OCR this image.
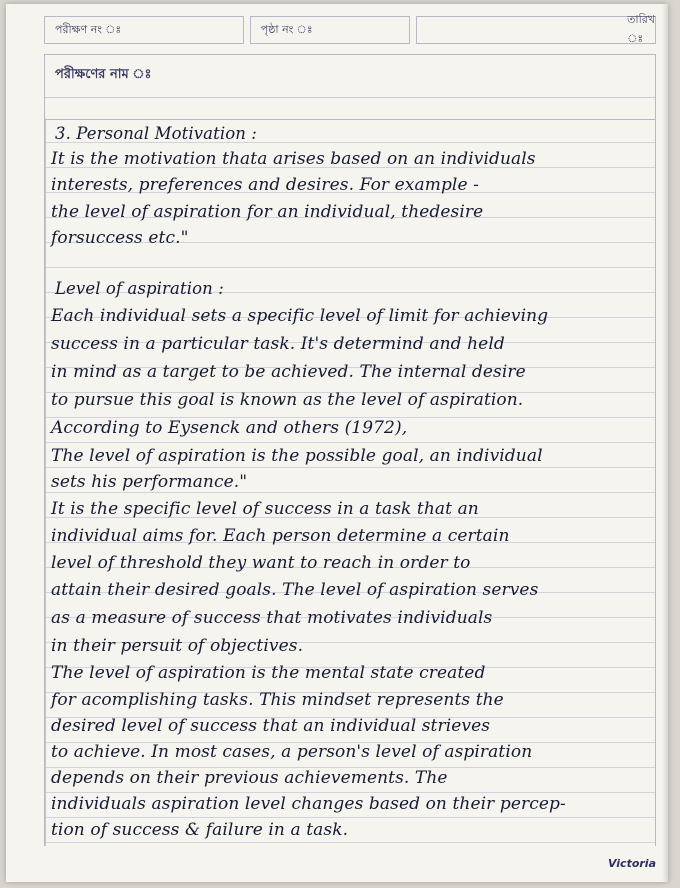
পরীক্ষণ নং ঃ	পৃষ্ঠা নং ঃ
তারিখ ঃ
পরীক্ষণের নাম ঃ
3. Personal Motivation :
It is the motivation thata arises based on an individuals
interests, preferences and desires. For example -
the level of aspiration for an individual, thedesire
forsuccess etc."
Level of aspiration :
Each individual sets a specific level of limit for achieving
success in a particular task. It's determind and held
in mind as a target to be achieved. The internal desire
to pursue this goal is known as the level of aspiration.
According to Eysenck and others (1972),
The level of aspiration is the possible goal, an individual
sets his performance."
It is the specific level of success in a task that an
individual aims for. Each person determine a certain
level of threshold they want to reach in order to
attain their desired goals. The level of aspiration serves
as a measure of success that motivates individuals
in their persuit of objectives.
The level of aspiration is the mental state created
for acomplishing tasks. This mindset represents the
desired level of success that an individual strieves
to achieve. In most cases, a person's level of aspiration
depends on their previous achievements. The
individuals aspiration level changes based on their percep-
tion of success & failure in a task.
Victoria
